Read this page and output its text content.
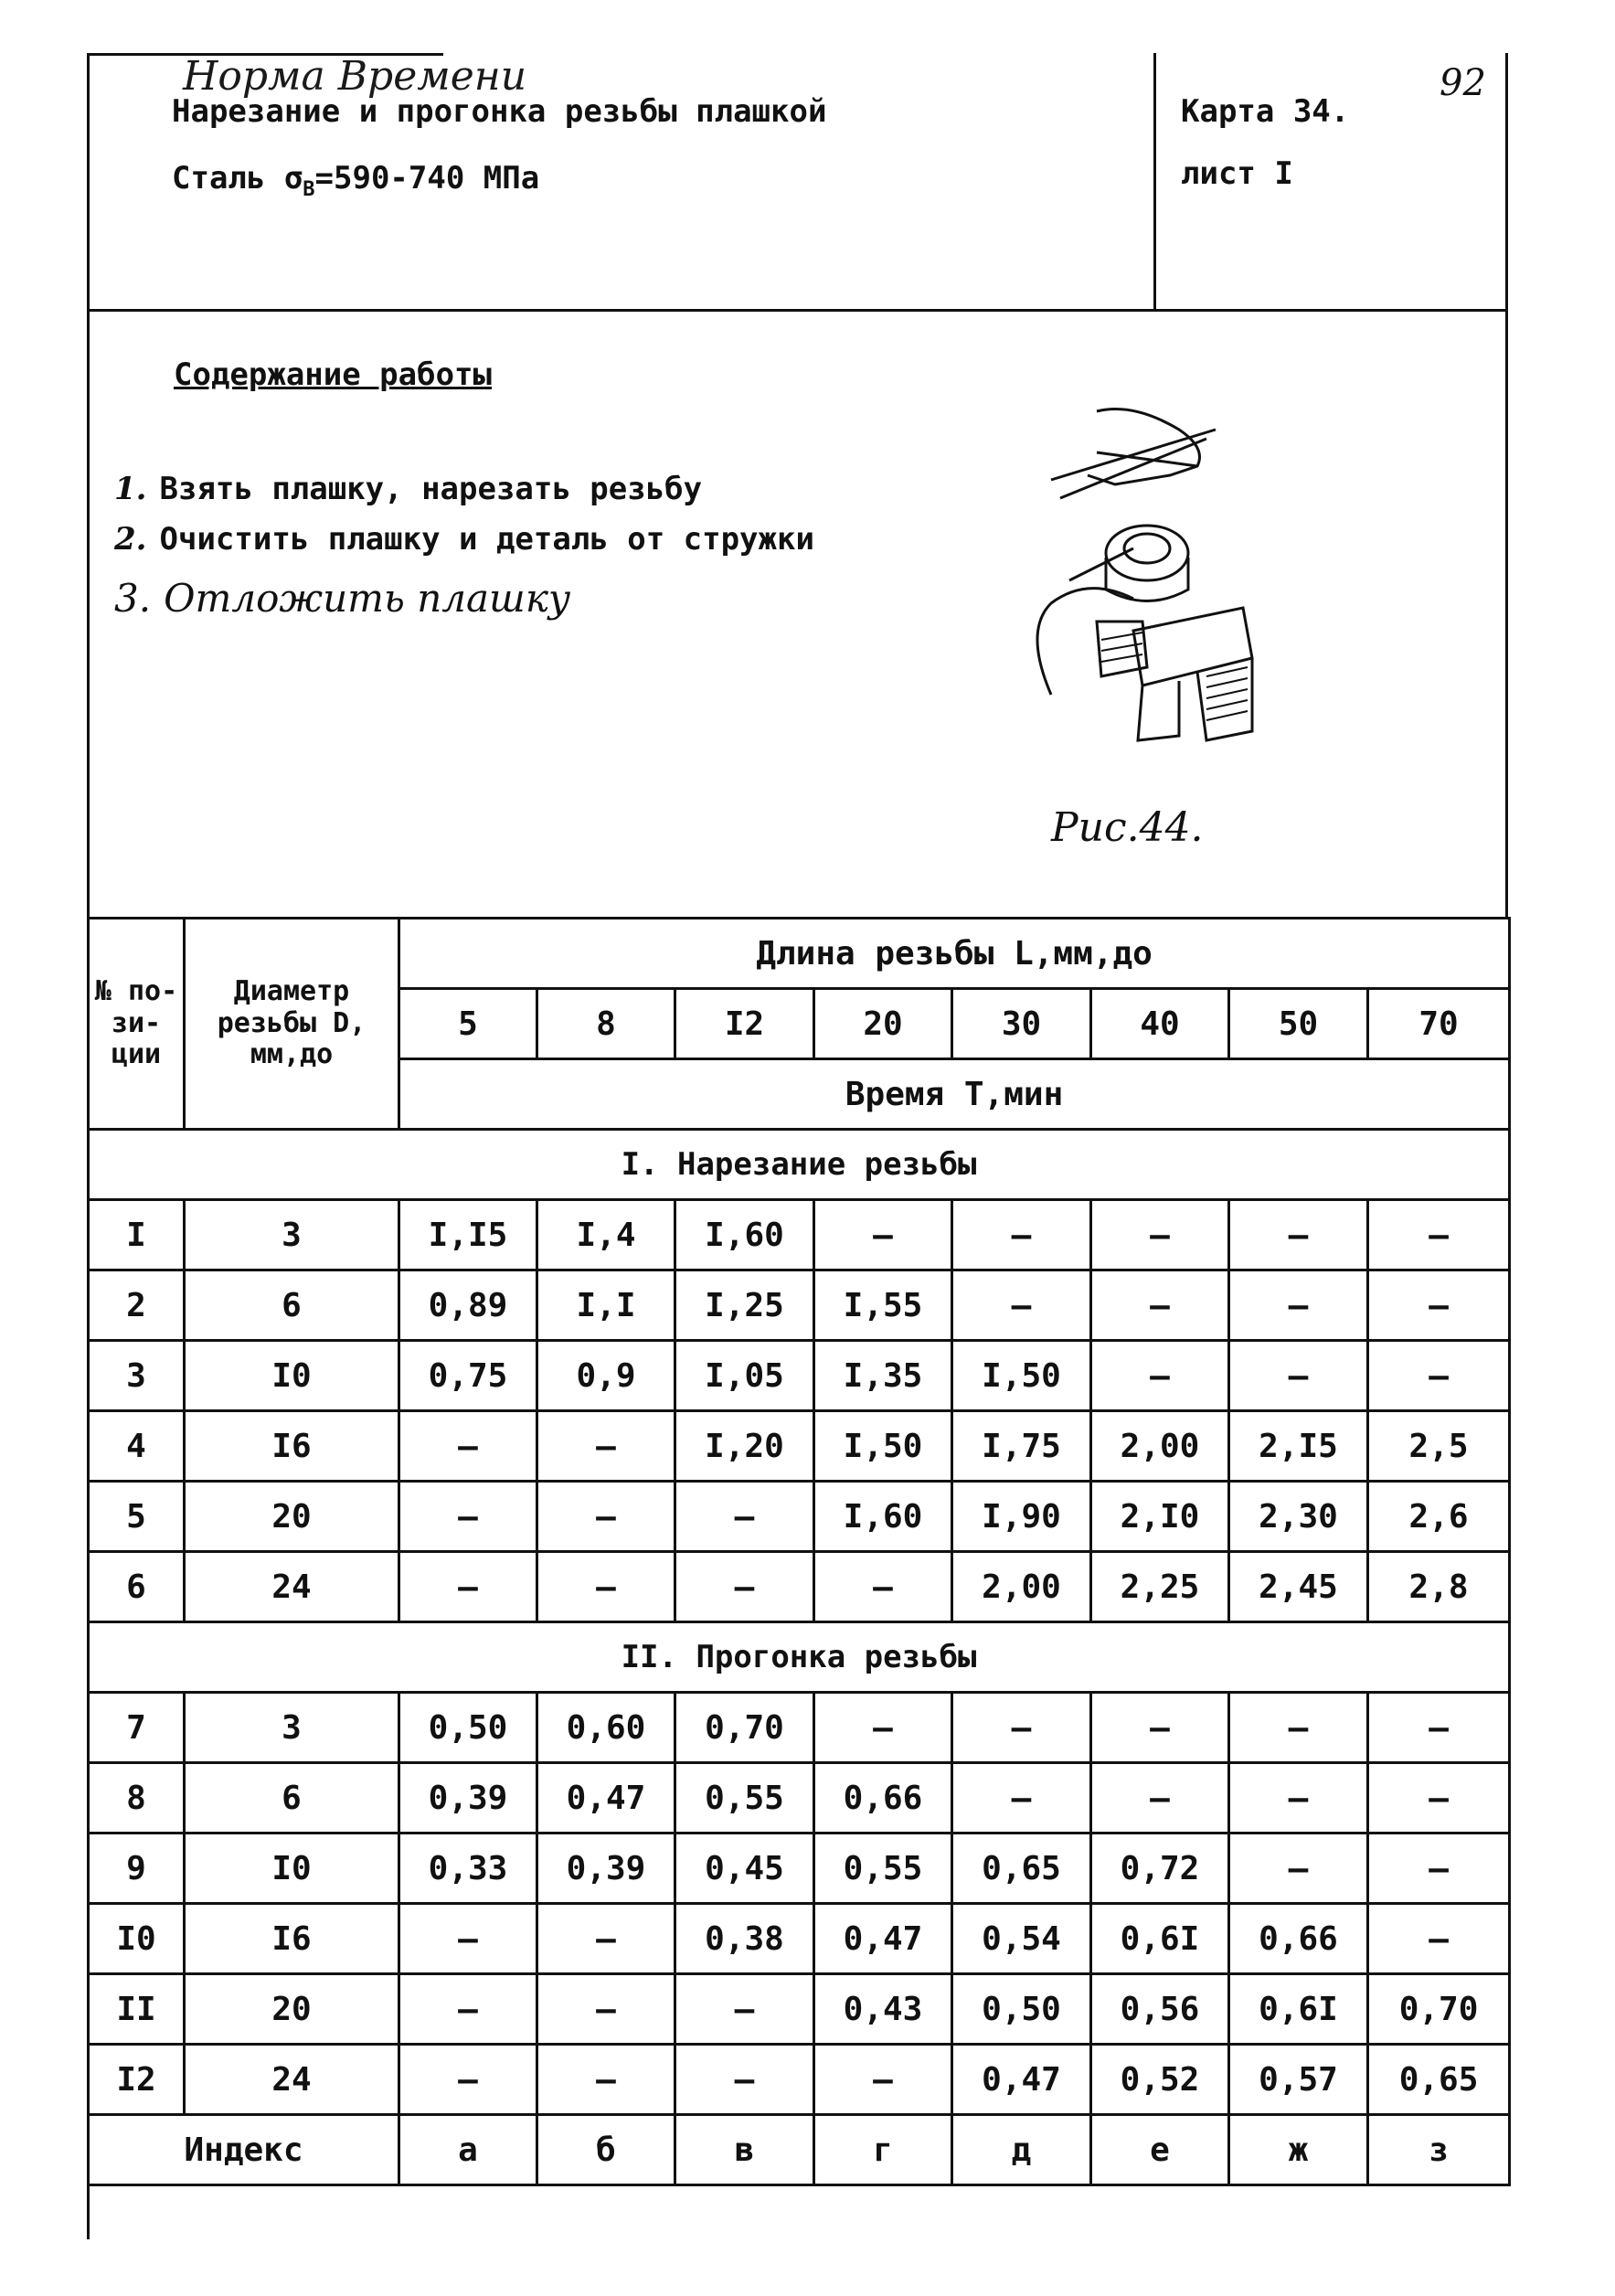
Норма Времени
Нарезание и прогонка резьбы плашкой
Сталь $\sigma_В=590-740$ МПа
Карта 34.
лист I
92
Содержание работы
1. Взять плашку, нарезать резьбу
2. Очистить плашку и деталь от стружки
3. Отложить плашку
Рис.44.
№ по-зи-ции	Диаметр резьбы D, мм,до	Длина резьбы L,мм,до							
		5	8	I2	20	30	40	50	70
		Время Т,мин							
I. Нарезание резьбы									
I	3	I,I5	I,4	I,60	–	–	–	–	–
2	6	0,89	I,I	I,25	I,55	–	–	–	–
3	I0	0,75	0,9	I,05	I,35	I,50	–	–	–
4	I6	–	–	I,20	I,50	I,75	2,00	2,I5	2,5
5	20	–	–	–	I,60	I,90	2,I0	2,30	2,6
6	24	–	–	–	–	2,00	2,25	2,45	2,8
II. Прогонка резьбы									
7	3	0,50	0,60	0,70	–	–	–	–	–
8	6	0,39	0,47	0,55	0,66	–	–	–	–
9	I0	0,33	0,39	0,45	0,55	0,65	0,72	–	–
I0	I6	–	–	0,38	0,47	0,54	0,6I	0,66	–
II	20	–	–	–	0,43	0,50	0,56	0,6I	0,70
I2	24	–	–	–	–	0,47	0,52	0,57	0,65
Индекс		а	б	в	г	д	е	ж	з
